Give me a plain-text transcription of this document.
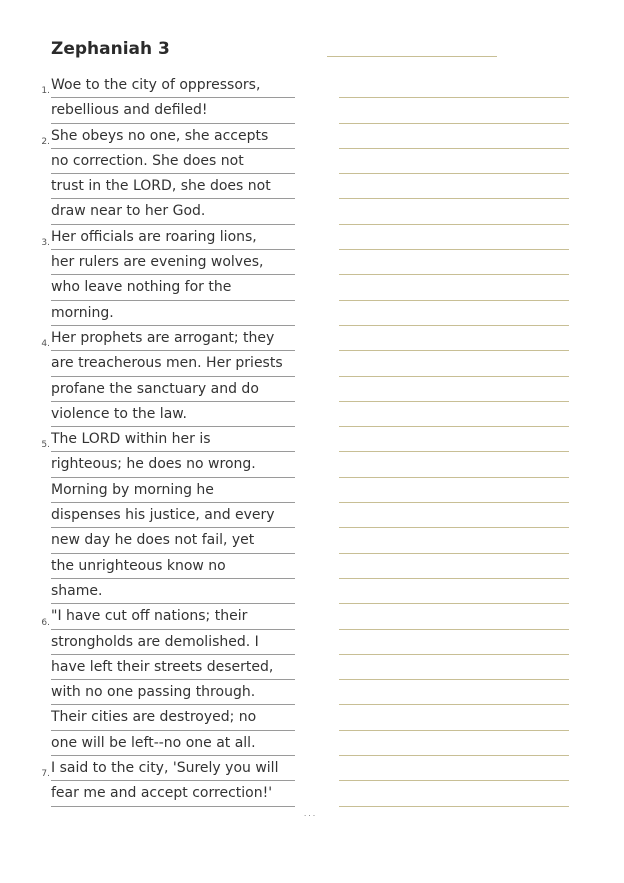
Zephaniah 3
1. Woe to the city of oppressors,
rebellious and defiled!
2. She obeys no one, she accepts
no correction. She does not
trust in the LORD, she does not
draw near to her God.
3. Her officials are roaring lions,
her rulers are evening wolves,
who leave nothing for the
morning.
4. Her prophets are arrogant; they
are treacherous men. Her priests
profane the sanctuary and do
violence to the law.
5. The LORD within her is
righteous; he does no wrong.
Morning by morning he
dispenses his justice, and every
new day he does not fail, yet
the unrighteous know no
shame.
6. "I have cut off nations; their
strongholds are demolished. I
have left their streets deserted,
with no one passing through.
Their cities are destroyed; no
one will be left--no one at all.
7. I said to the city, 'Surely you will
fear me and accept correction!'
· · ·
